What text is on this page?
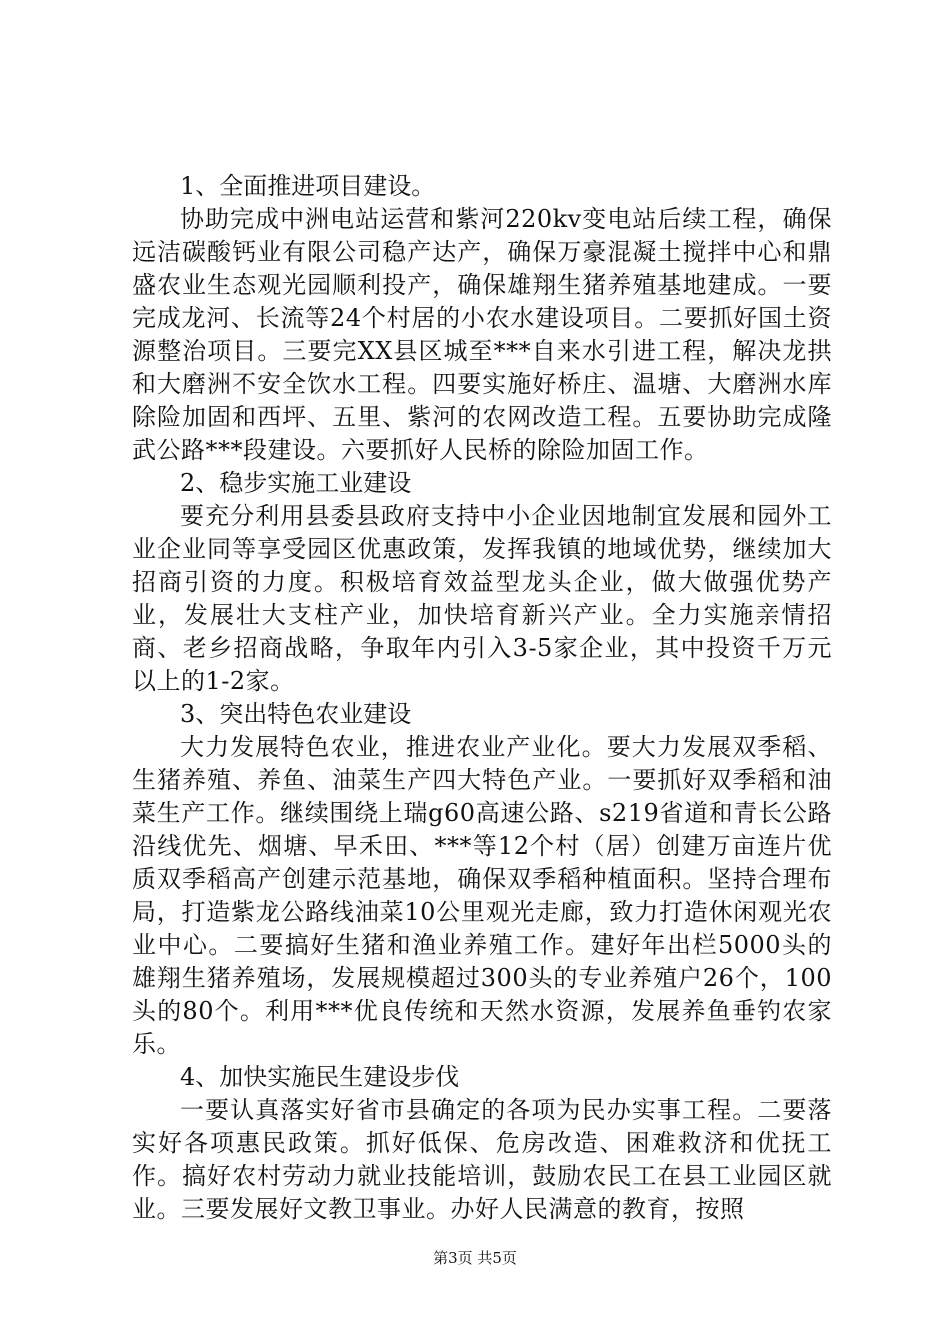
1、全面推进项目建设。

协助完成中洲电站运营和紫河220kv变电站后续工程，确保远洁碳酸钙业有限公司稳产达产，确保万豪混凝土搅拌中心和鼎盛农业生态观光园顺利投产，确保雄翔生猪养殖基地建成。一要完成龙河、长流等24个村居的小农水建设项目。二要抓好国土资源整治项目。三要完XX县区城至***自来水引进工程，解决龙拱和大磨洲不安全饮水工程。四要实施好桥庄、温塘、大磨洲水库除险加固和西坪、五里、紫河的农网改造工程。五要协助完成隆武公路***段建设。六要抓好人民桥的除险加固工作。

2、稳步实施工业建设

要充分利用县委县政府支持中小企业因地制宜发展和园外工业企业同等享受园区优惠政策，发挥我镇的地域优势，继续加大招商引资的力度。积极培育效益型龙头企业，做大做强优势产业，发展壮大支柱产业，加快培育新兴产业。全力实施亲情招商、老乡招商战略，争取年内引入3-5家企业，其中投资千万元以上的1-2家。

3、突出特色农业建设

大力发展特色农业，推进农业产业化。要大力发展双季稻、生猪养殖、养鱼、油菜生产四大特色产业。一要抓好双季稻和油菜生产工作。继续围绕上瑞g60高速公路、s219省道和青长公路沿线优先、烟塘、早禾田、***等12个村（居）创建万亩连片优质双季稻高产创建示范基地，确保双季稻种植面积。坚持合理布局，打造紫龙公路线油菜10公里观光走廊，致力打造休闲观光农业中心。二要搞好生猪和渔业养殖工作。建好年出栏5000头的雄翔生猪养殖场，发展规模超过300头的专业养殖户26个，100头的80个。利用***优良传统和天然水资源，发展养鱼垂钓农家乐。

4、加快实施民生建设步伐

一要认真落实好省市县确定的各项为民办实事工程。二要落实好各项惠民政策。抓好低保、危房改造、困难救济和优抚工作。搞好农村劳动力就业技能培训，鼓励农民工在县工业园区就业。三要发展好文教卫事业。办好人民满意的教育，按照

第3页 共5页
